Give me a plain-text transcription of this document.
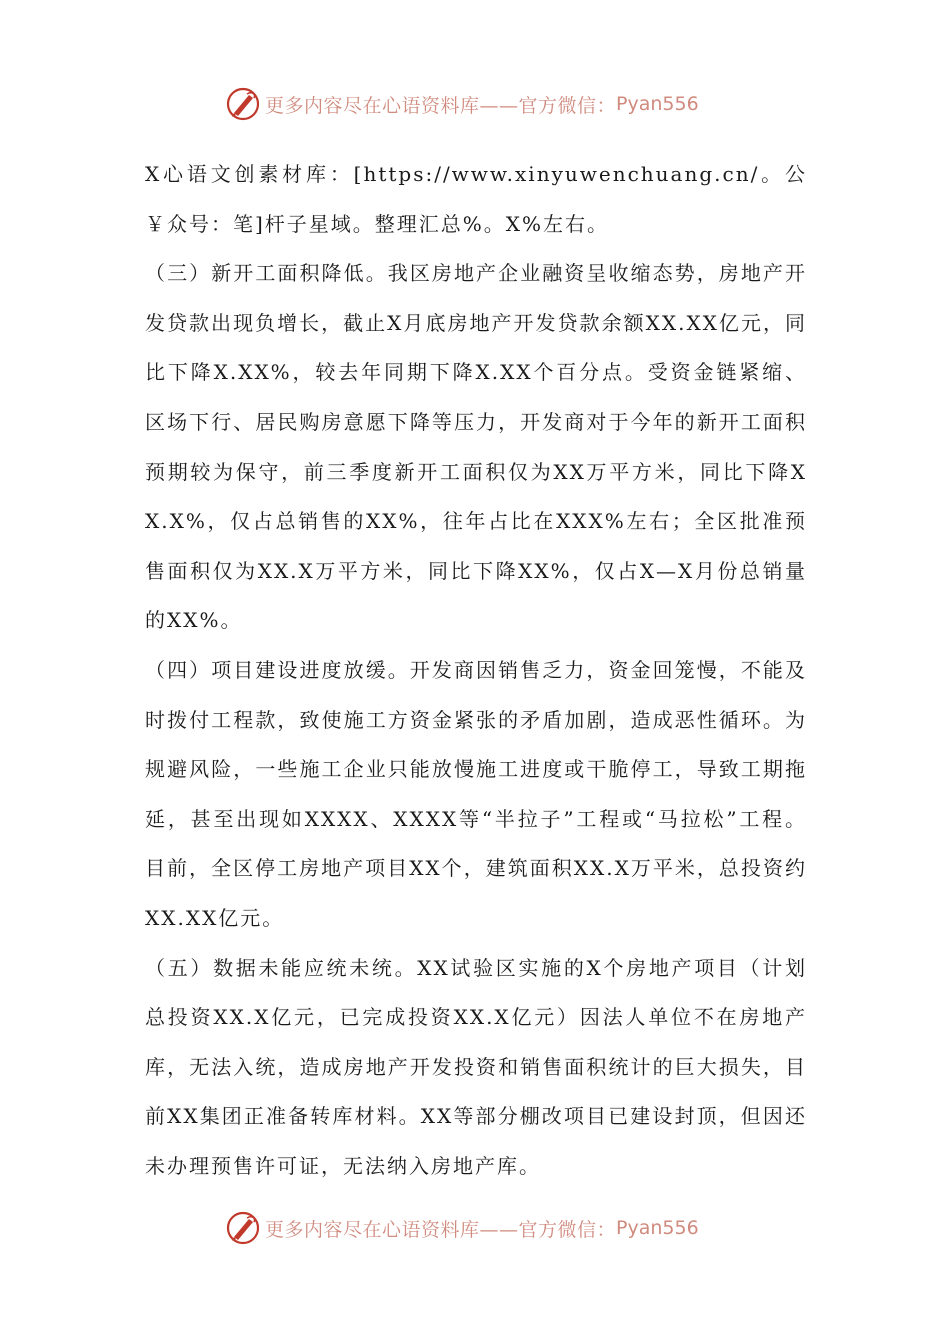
更多内容尽在心语资料库——官方微信： Pyan556

X心语文创素材库：[https://www.xinyuwenchuang.cn/。公￥众号：笔]杆子星域。整理汇总%。X%左右。

（三）新开工面积降低。我区房地产企业融资呈收缩态势，房地产开发贷款出现负增长，截止X月底房地产开发贷款余额XX.XX亿元，同比下降X.XX%，较去年同期下降X.XX个百分点。受资金链紧缩、区场下行、居民购房意愿下降等压力，开发商对于今年的新开工面积预期较为保守，前三季度新开工面积仅为XX万平方米，同比下降XX.X%，仅占总销售的XX%，往年占比在XXX%左右；全区批准预售面积仅为XX.X万平方米，同比下降XX%，仅占X—X月份总销量的XX%。

（四）项目建设进度放缓。开发商因销售乏力，资金回笼慢，不能及时拨付工程款，致使施工方资金紧张的矛盾加剧，造成恶性循环。为规避风险，一些施工企业只能放慢施工进度或干脆停工，导致工期拖延，甚至出现如XXXX、XXXX等“半拉子”工程或“马拉松”工程。目前，全区停工房地产项目XX个，建筑面积XX.X万平米，总投资约XX.XX亿元。

（五）数据未能应统未统。XX试验区实施的X个房地产项目（计划总投资XX.X亿元，已完成投资XX.X亿元）因法人单位不在房地产库，无法入统，造成房地产开发投资和销售面积统计的巨大损失，目前XX集团正准备转库材料。XX等部分棚改项目已建设封顶，但因还未办理预售许可证，无法纳入房地产库。

更多内容尽在心语资料库——官方微信： Pyan556
